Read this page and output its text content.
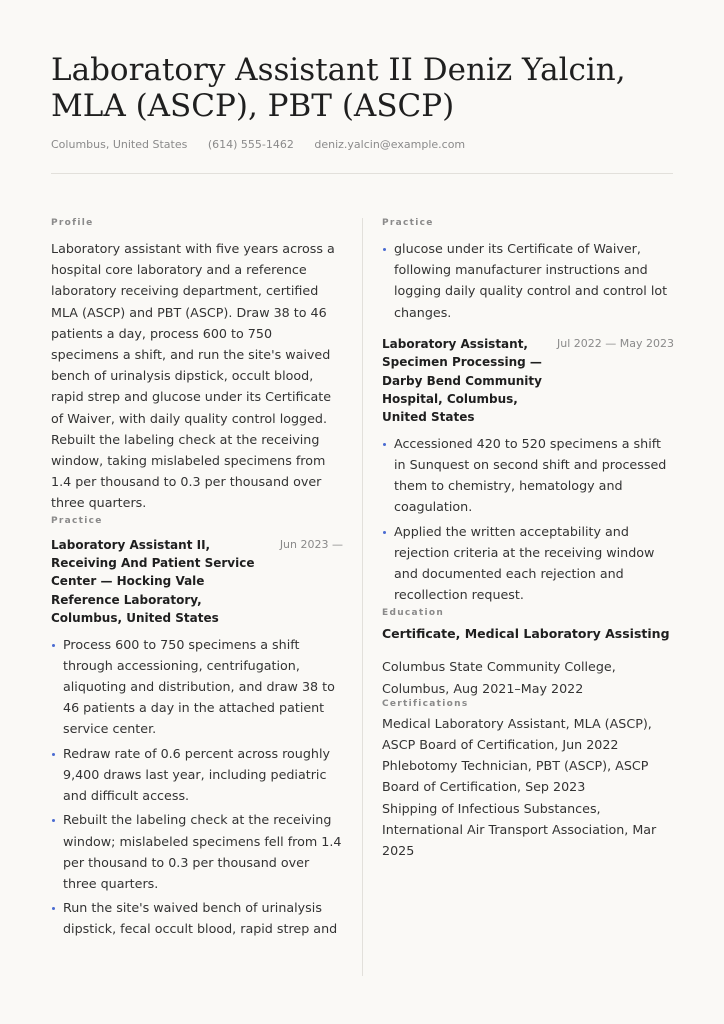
Laboratory Assistant II Deniz Yalcin, MLA (ASCP), PBT (ASCP)
Columbus, United States (614) 555-1462 deniz.yalcin@example.com
Profile

Laboratory assistant with five years across a hospital core laboratory and a reference laboratory receiving department, certified MLA (ASCP) and PBT (ASCP). Draw 38 to 46 patients a day, process 600 to 750 specimens a shift, and run the site's waived bench of urinalysis dipstick, occult blood, rapid strep and glucose under its Certificate of Waiver, with daily quality control logged. Rebuilt the labeling check at the receiving window, taking mislabeled specimens from 1.4 per thousand to 0.3 per thousand over three quarters.

Practice
Laboratory Assistant II, Receiving And Patient Service Center — Hocking Vale Reference Laboratory, Columbus, United States
Jun 2023 —
Process 600 to 750 specimens a shift through accessioning, centrifugation, aliquoting and distribution, and draw 38 to 46 patients a day in the attached patient service center.
Redraw rate of 0.6 percent across roughly 9,400 draws last year, including pediatric and difficult access.
Rebuilt the labeling check at the receiving window; mislabeled specimens fell from 1.4 per thousand to 0.3 per thousand over three quarters.
Run the site's waived bench of urinalysis dipstick, fecal occult blood, rapid strep and
Practice
glucose under its Certificate of Waiver, following manufacturer instructions and logging daily quality control and control lot changes.
Laboratory Assistant, Specimen Processing — Darby Bend Community Hospital, Columbus, United States
Jul 2022 — May 2023
Accessioned 420 to 520 specimens a shift in Sunquest on second shift and processed them to chemistry, hematology and coagulation.
Applied the written acceptability and rejection criteria at the receiving window and documented each rejection and recollection request.
Education
Certificate, Medical Laboratory Assisting
Columbus State Community College, Columbus, Aug 2021–May 2022
Certifications
Medical Laboratory Assistant, MLA (ASCP), ASCP Board of Certification, Jun 2022
Phlebotomy Technician, PBT (ASCP), ASCP Board of Certification, Sep 2023
Shipping of Infectious Substances, International Air Transport Association, Mar 2025
